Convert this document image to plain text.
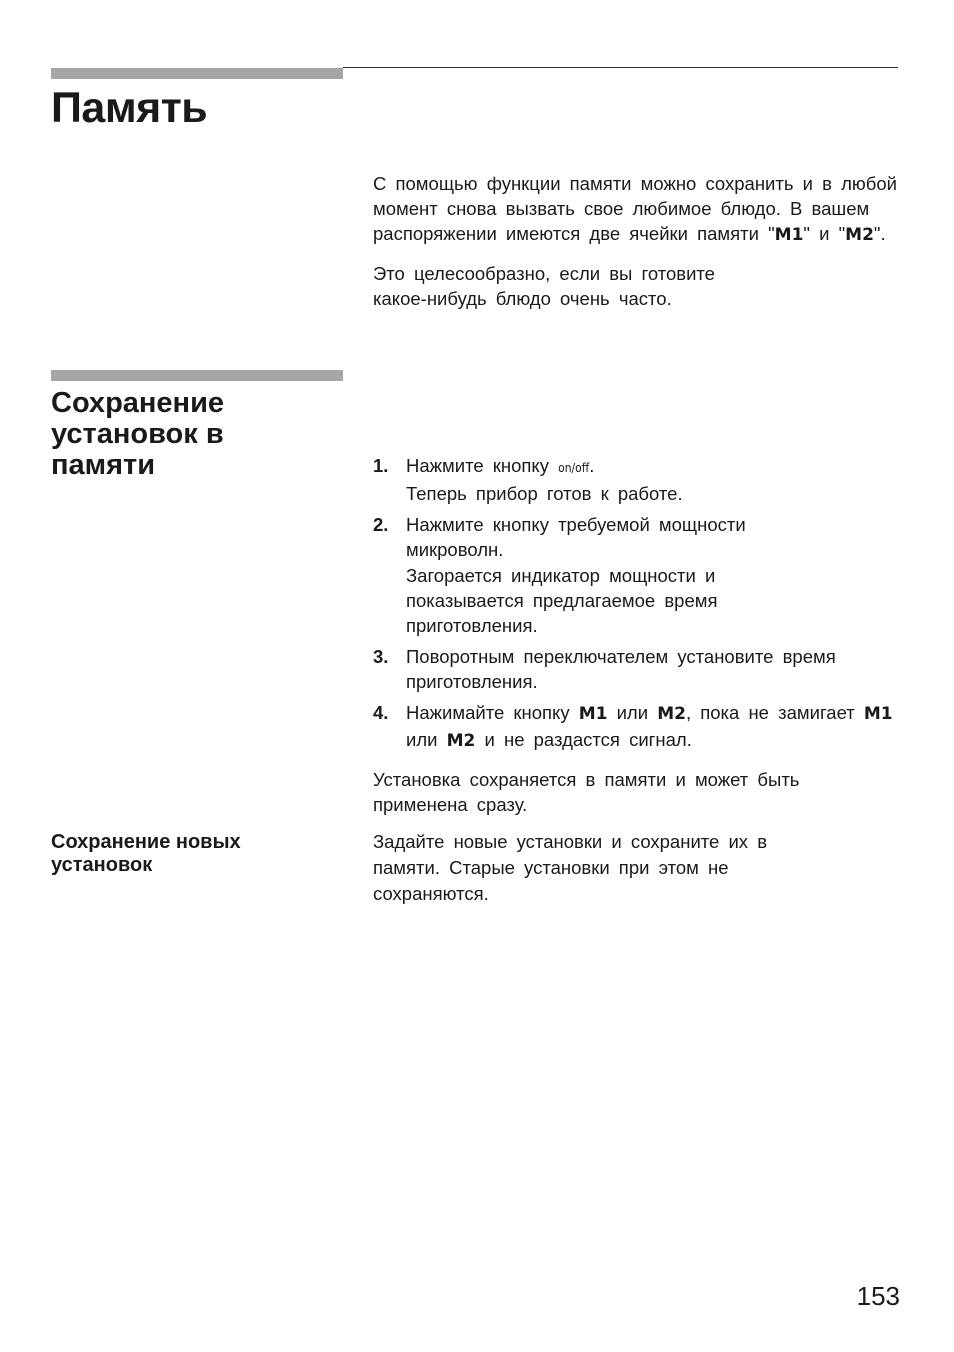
Память

С помощью функции памяти можно сохранить и в любой момент снова вызвать свое любимое блюдо. В вашем распоряжении имеются две ячейки памяти "M1" и "M2".

Это целесообразно, если вы готовите какое-нибудь блюдо очень часто.

Сохранение
установок в
памяти	1. Нажмите кнопку on/off.
Теперь прибор готов к работе.
2. Нажмите кнопку требуемой мощности микроволн.
Загорается индикатор мощности и показывается предлагаемое время приготовления.
3. Поворотным переключателем установите время приготовления.
4. Нажимайте кнопку M1 или M2, пока не замигает M1 или M2 и не раздастся сигнал.

Установка сохраняется в памяти и может быть применена сразу.

Сохранение новых
установок
Задайте новые установки и сохраните их в памяти. Старые установки при этом не сохраняются.
153
